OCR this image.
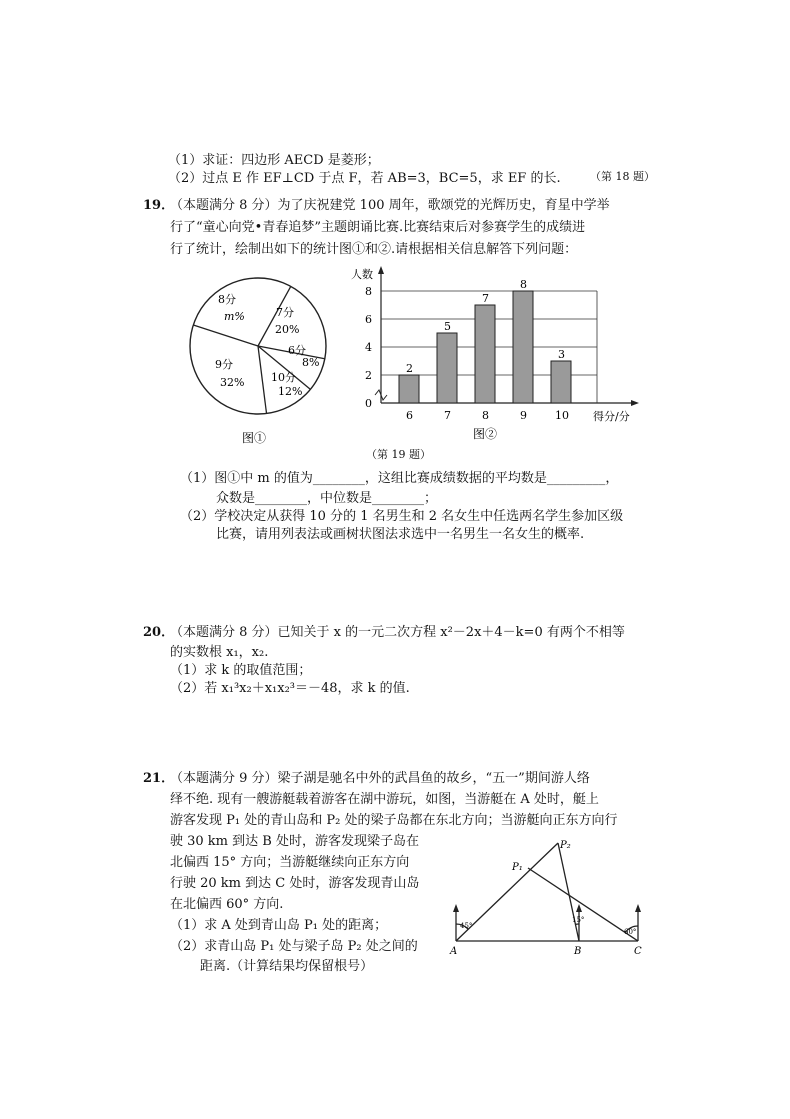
（1）求证：四边形 AECD 是菱形；
（2）过点 E 作 EF⊥CD 于点 F，若 AB=3，BC=5，求 EF 的长.	（第 18 题）
19．
（本题满分 8 分）为了庆祝建党 100 周年，歌颂党的光辉历史，育星中学举
行了“童心向党•青春追梦”主题朗诵比赛.比赛结束后对参赛学生的成绩进
行了统计，绘制出如下的统计图①和②.请根据相关信息解答下列问题：
8分
m%	7分
20%
6分
8%
10分
12%
9分
32%
图①
0
2
4
6
8
2
6
5
7
7
8
8
9
3
10
人数
得分/分
图②
（第 19 题）
（1）图①中 m 的值为________，这组比赛成绩数据的平均数是_________，
众数是________，中位数是________；
（2）学校决定从获得 10 分的 1 名男生和 2 名女生中任选两名学生参加区级
比赛，请用列表法或画树状图法求选中一名男生一名女生的概率.
20．
（本题满分 8 分）已知关于 x 的一元二次方程 x²－2x＋4－k=0 有两个不相等
的实数根 x₁，x₂.
（1）求 k 的取值范围；
（2）若 x₁³x₂＋x₁x₂³＝－48，求 k 的值.
21．
（本题满分 9 分）梁子湖是驰名中外的武昌鱼的故乡，“五一”期间游人络
绎不绝. 现有一艘游艇载着游客在湖中游玩，如图，当游艇在 A 处时，艇上
游客发现 P₁ 处的青山岛和 P₂ 处的梁子岛都在东北方向；当游艇向正东方向行
驶 30 km 到达 B 处时，游客发现梁子岛在
北偏西 15° 方向；当游艇继续向正东方向
行驶 20 km 到达 C 处时，游客发现青山岛
在北偏西 60° 方向.
（1）求 A 处到青山岛 P₁ 处的距离；
（2）求青山岛 P₁ 处与梁子岛 P₂ 处之间的
距离.（计算结果均保留根号）
A	B	C
P₁
P₂
45°
15°
60°
